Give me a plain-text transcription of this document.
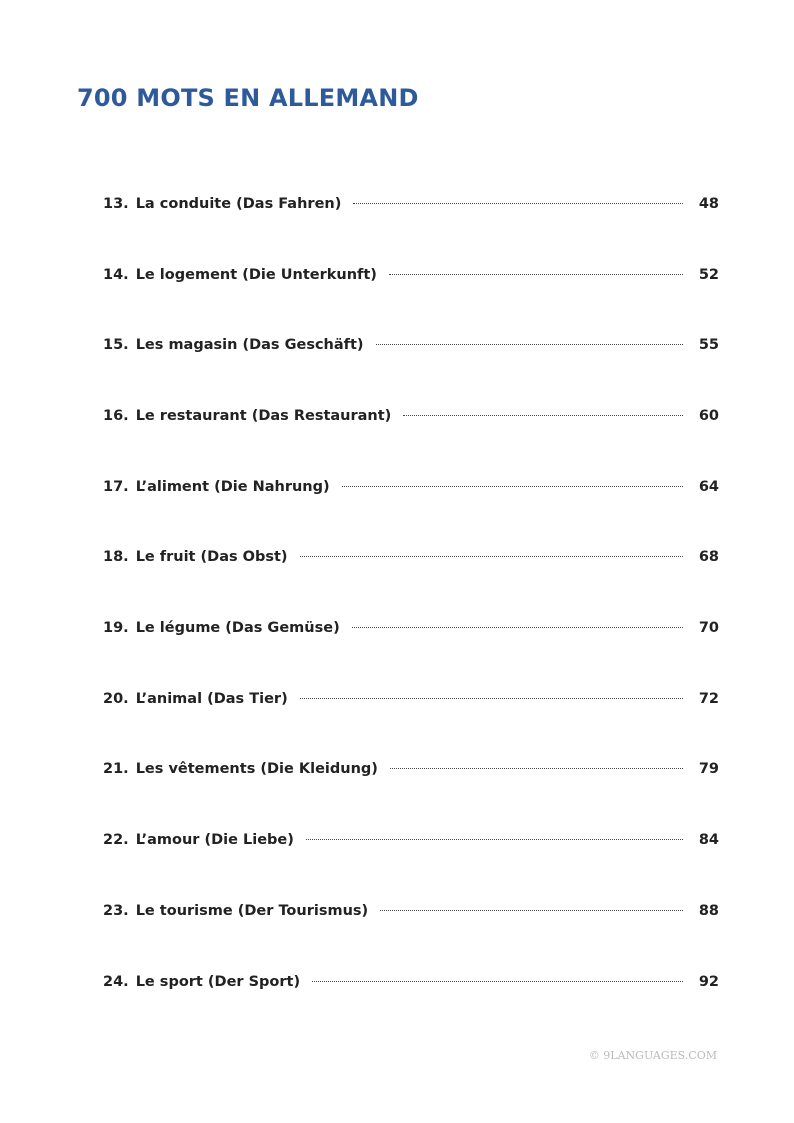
700 MOTS EN ALLEMAND
13. La conduite (Das Fahren)	48
14. Le logement (Die Unterkunft)	52
15. Les magasin (Das Geschäft)	55
16. Le restaurant (Das Restaurant)	60
17. L’aliment (Die Nahrung)	64
18. Le fruit (Das Obst)	68
19. Le légume (Das Gemüse)	70
20. L’animal (Das Tier)	72
21. Les vêtements (Die Kleidung)	79
22. L’amour (Die Liebe)	84
23. Le tourisme (Der Tourismus)	88
24. Le sport (Der Sport)	92

© 9LANGUAGES.COM
